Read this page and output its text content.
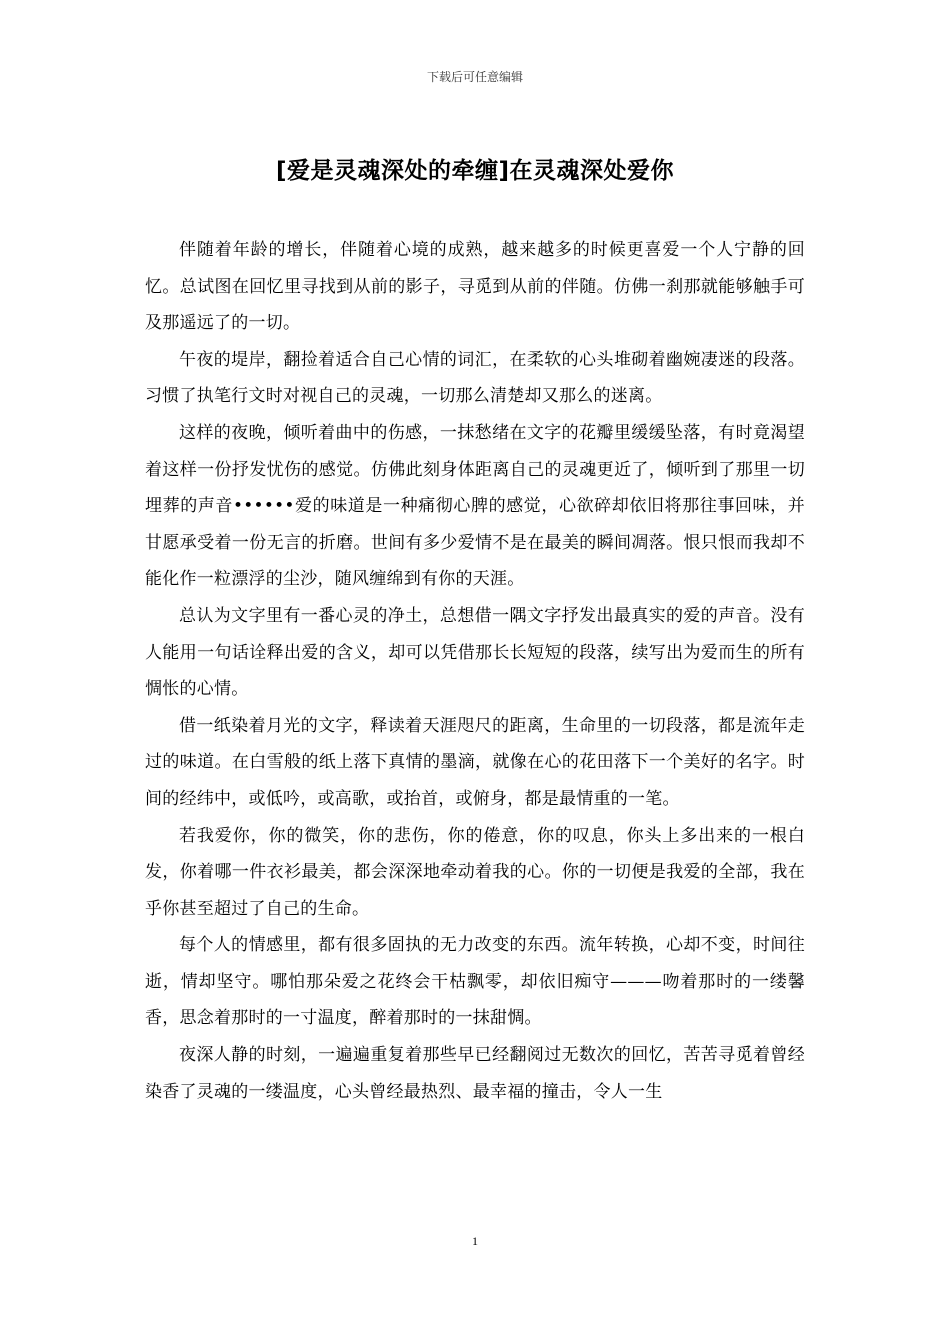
下载后可任意编辑
[爱是灵魂深处的牵缠]在灵魂深处爱你

伴随着年龄的增长，伴随着心境的成熟，越来越多的时候更喜爱一个人宁静的回忆。总试图在回忆里寻找到从前的影子，寻觅到从前的伴随。仿佛一刹那就能够触手可及那遥远了的一切。

午夜的堤岸，翻捡着适合自己心情的词汇，在柔软的心头堆砌着幽婉凄迷的段落。习惯了执笔行文时对视自己的灵魂，一切那么清楚却又那么的迷离。

这样的夜晚，倾听着曲中的伤感，一抹愁绪在文字的花瓣里缓缓坠落，有时竟渴望着这样一份抒发忧伤的感觉。仿佛此刻身体距离自己的灵魂更近了，倾听到了那里一切埋葬的声音••••••爱的味道是一种痛彻心脾的感觉，心欲碎却依旧将那往事回味，并甘愿承受着一份无言的折磨。世间有多少爱情不是在最美的瞬间凋落。恨只恨而我却不能化作一粒漂浮的尘沙，随风缠绵到有你的天涯。

总认为文字里有一番心灵的净土，总想借一隅文字抒发出最真实的爱的声音。没有人能用一句话诠释出爱的含义，却可以凭借那长长短短的段落，续写出为爱而生的所有惆怅的心情。

借一纸染着月光的文字，释读着天涯咫尺的距离，生命里的一切段落，都是流年走过的味道。在白雪般的纸上落下真情的墨滴，就像在心的花田落下一个美好的名字。时间的经纬中，或低吟，或高歌，或抬首，或俯身，都是最情重的一笔。

若我爱你，你的微笑，你的悲伤，你的倦意，你的叹息，你头上多出来的一根白发，你着哪一件衣衫最美，都会深深地牵动着我的心。你的一切便是我爱的全部，我在乎你甚至超过了自己的生命。

每个人的情感里，都有很多固执的无力改变的东西。流年转换，心却不变，时间往逝，情却坚守。哪怕那朵爱之花终会干枯飘零，却依旧痴守———吻着那时的一缕馨香，思念着那时的一寸温度，醉着那时的一抹甜惆。

夜深人静的时刻，一遍遍重复着那些早已经翻阅过无数次的回忆，苦苦寻觅着曾经染香了灵魂的一缕温度，心头曾经最热烈、最幸福的撞击，令人一生

1
